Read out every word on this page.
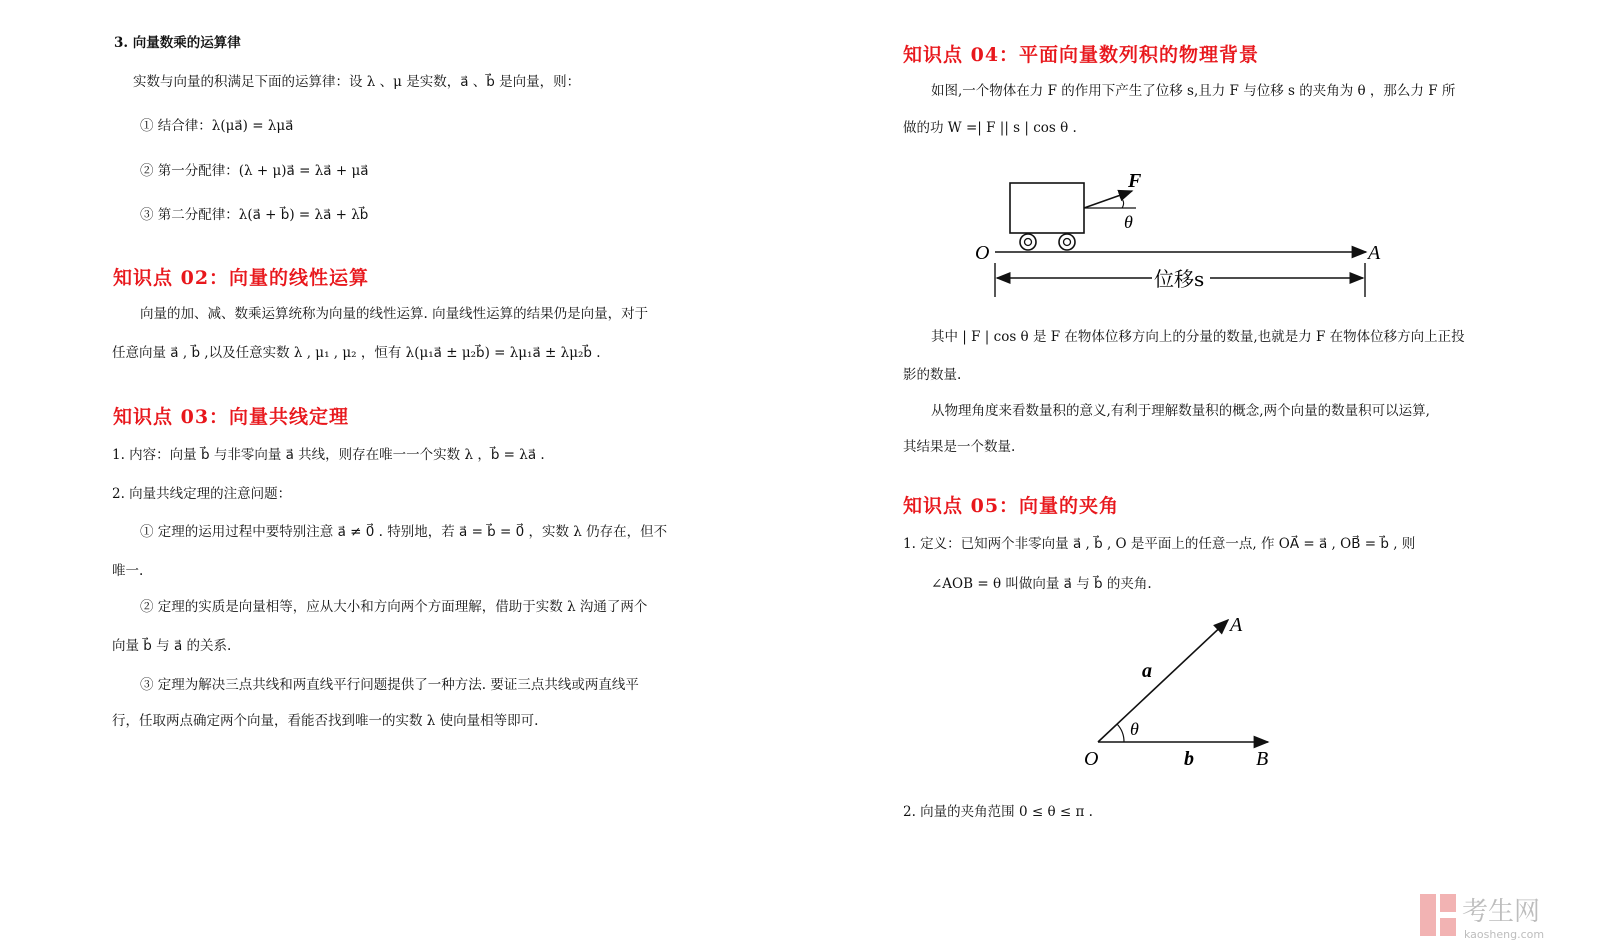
3. 向量数乘的运算律
实数与向量的积满足下面的运算律：设 λ 、μ 是实数，a⃗ 、b⃗ 是向量，则：
① 结合律：λ(μa⃗) = λμa⃗
② 第一分配律：(λ + μ)a⃗ = λa⃗ + μa⃗
③ 第二分配律：λ(a⃗ + b⃗) = λa⃗ + λb⃗
知识点 02：向量的线性运算
向量的加、减、数乘运算统称为向量的线性运算. 向量线性运算的结果仍是向量，对于
任意向量 a⃗ , b⃗ ,以及任意实数 λ , μ₁ , μ₂ ，恒有 λ(μ₁a⃗ ± μ₂b⃗) = λμ₁a⃗ ± λμ₂b⃗ .
知识点 03：向量共线定理
1. 内容：向量 b⃗ 与非零向量 a⃗ 共线，则存在唯一一个实数 λ ，b⃗ = λa⃗ .
2. 向量共线定理的注意问题：
① 定理的运用过程中要特别注意 a⃗ ≠ 0⃗ . 特别地，若 a⃗ = b⃗ = 0⃗ ，实数 λ 仍存在，但不
唯一.
② 定理的实质是向量相等，应从大小和方向两个方面理解，借助于实数 λ 沟通了两个
向量 b⃗ 与 a⃗ 的关系.
③ 定理为解决三点共线和两直线平行问题提供了一种方法. 要证三点共线或两直线平
行，任取两点确定两个向量，看能否找到唯一的实数 λ 使向量相等即可.
知识点 04：平面向量数列积的物理背景
如图,一个物体在力 F 的作用下产生了位移 s,且力 F 与位移 s 的夹角为 θ ，那么力 F 所
做的功 W =| F || s | cos θ .
F
θ
O	A
位移s
其中 | F | cos θ 是 F 在物体位移方向上的分量的数量,也就是力 F 在物体位移方向上正投
影的数量.
从物理角度来看数量积的意义,有利于理解数量积的概念,两个向量的数量积可以运算,
其结果是一个数量.
知识点 05：向量的夹角
1. 定义：已知两个非零向量 a⃗ , b⃗ , O 是平面上的任意一点, 作 OA⃗ = a⃗ , OB⃗ = b⃗ , 则
∠AOB = θ 叫做向量 a⃗ 与 b⃗ 的夹角.
A
a
θ
O	b	B
2. 向量的夹角范围 0 ≤ θ ≤ π .
考生网
kaosheng.com
